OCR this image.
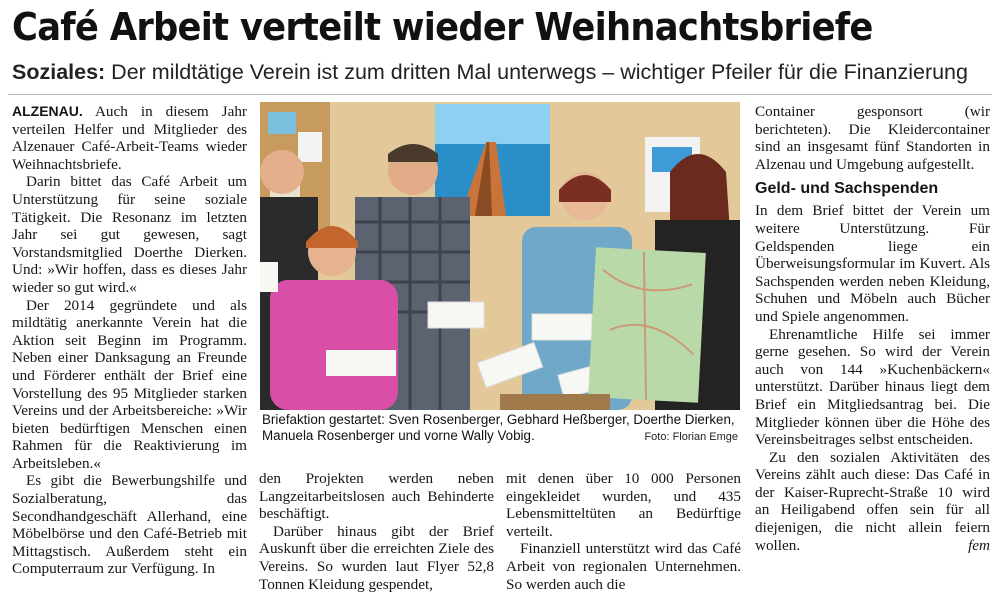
Café Arbeit verteilt wieder Weihnachtsbriefe
Soziales: Der mildtätige Verein ist zum dritten Mal unterwegs – wichtiger Pfeiler für die Finanzierung

ALZENAU. Auch in diesem Jahr verteilen Helfer und Mitglieder des Alzenauer Café-Arbeit-Teams wieder Weihnachtsbriefe.

Darin bittet das Café Arbeit um Unterstützung für seine soziale Tätigkeit. Die Resonanz im letzten Jahr sei gut gewesen, sagt Vorstandsmitglied Doerthe Dierken. Und: »Wir hoffen, dass es dieses Jahr wieder so gut wird.«

Der 2014 gegründete und als mildtätig anerkannte Verein hat die Aktion seit Beginn im Programm. Neben einer Danksagung an Freunde und Förderer enthält der Brief eine Vorstellung des 95 Mitglieder starken Vereins und der Arbeitsbereiche: »Wir bieten bedürftigen Menschen einen Rahmen für die Reaktivierung im Arbeitsleben.«

Es gibt die Bewerbungshilfe und Sozialberatung, das Secondhandgeschäft Allerhand, eine Möbelbörse und den Café-Betrieb mit Mittagstisch. Außerdem steht ein Computerraum zur Verfügung. In

Briefaktion gestartet: Sven Rosenberger, Gebhard Heßberger, Doerthe Dierken, Manuela Rosenberger und vorne Wally Vobig.	Foto: Florian Emge

den Projekten werden neben Langzeitarbeitslosen auch Behinderte beschäftigt.

Darüber hinaus gibt der Brief Auskunft über die erreichten Ziele des Vereins. So wurden laut Flyer 52,8 Tonnen Kleidung gespendet,

mit denen über 10 000 Personen eingekleidet wurden, und 435 Lebensmitteltüten an Bedürftige verteilt.

Finanziell unterstützt wird das Café Arbeit von regionalen Unternehmen. So werden auch die

Container gesponsort (wir berichteten). Die Kleidercontainer sind an insgesamt fünf Standorten in Alzenau und Umgebung aufgestellt.

Geld- und Sachspenden

In dem Brief bittet der Verein um weitere Unterstützung. Für Geldspenden liege ein Überweisungsformular im Kuvert. Als Sachspenden werden neben Kleidung, Schuhen und Möbeln auch Bücher und Spiele angenommen.

Ehrenamtliche Hilfe sei immer gerne gesehen. So wird der Verein auch von 144 »Kuchenbäckern« unterstützt. Darüber hinaus liegt dem Brief ein Mitgliedsantrag bei. Die Mitglieder können über die Höhe des Vereinsbeitrages selbst entscheiden.

Zu den sozialen Aktivitäten des Vereins zählt auch diese: Das Café in der Kaiser-Ruprecht-Straße 10 wird an Heiligabend offen sein für all diejenigen, die nicht allein feiern wollen.	fem
